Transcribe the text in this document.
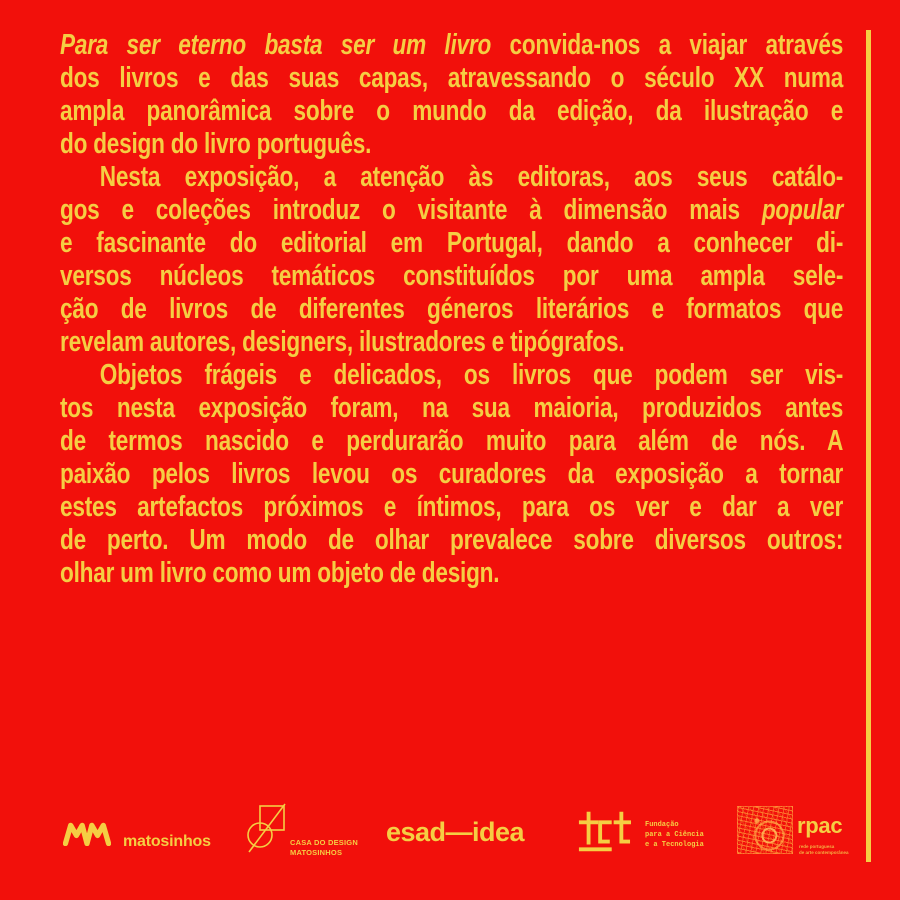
Para ser eterno basta ser um livro convida-nos a viajar através
dos livros e das suas capas, atravessando o século XX numa
ampla panorâmica sobre o mundo da edição, da ilustração e
do design do livro português.
Nesta exposição, a atenção às editoras, aos seus catálo-
gos e coleções introduz o visitante à dimensão mais popular
e fascinante do editorial em Portugal, dando a conhecer di-
versos núcleos temáticos constituídos por uma ampla sele-
ção de livros de diferentes géneros literários e formatos que
revelam autores, designers, ilustradores e tipógrafos.
Objetos frágeis e delicados, os livros que podem ser vis-
tos nesta exposição foram, na sua maioria, produzidos antes
de termos nascido e perdurarão muito para além de nós. A
paixão pelos livros levou os curadores da exposição a tornar
estes artefactos próximos e íntimos, para os ver e dar a ver
de perto. Um modo de olhar prevalece sobre diversos outros:
olhar um livro como um objeto de design.
matosinhos	CASA DO DESIGN
MATOSINHOS
esad—idea	Fundação
para a Ciência
e a Tecnologia
rpac
rede portuguesa
de arte contemporânea
